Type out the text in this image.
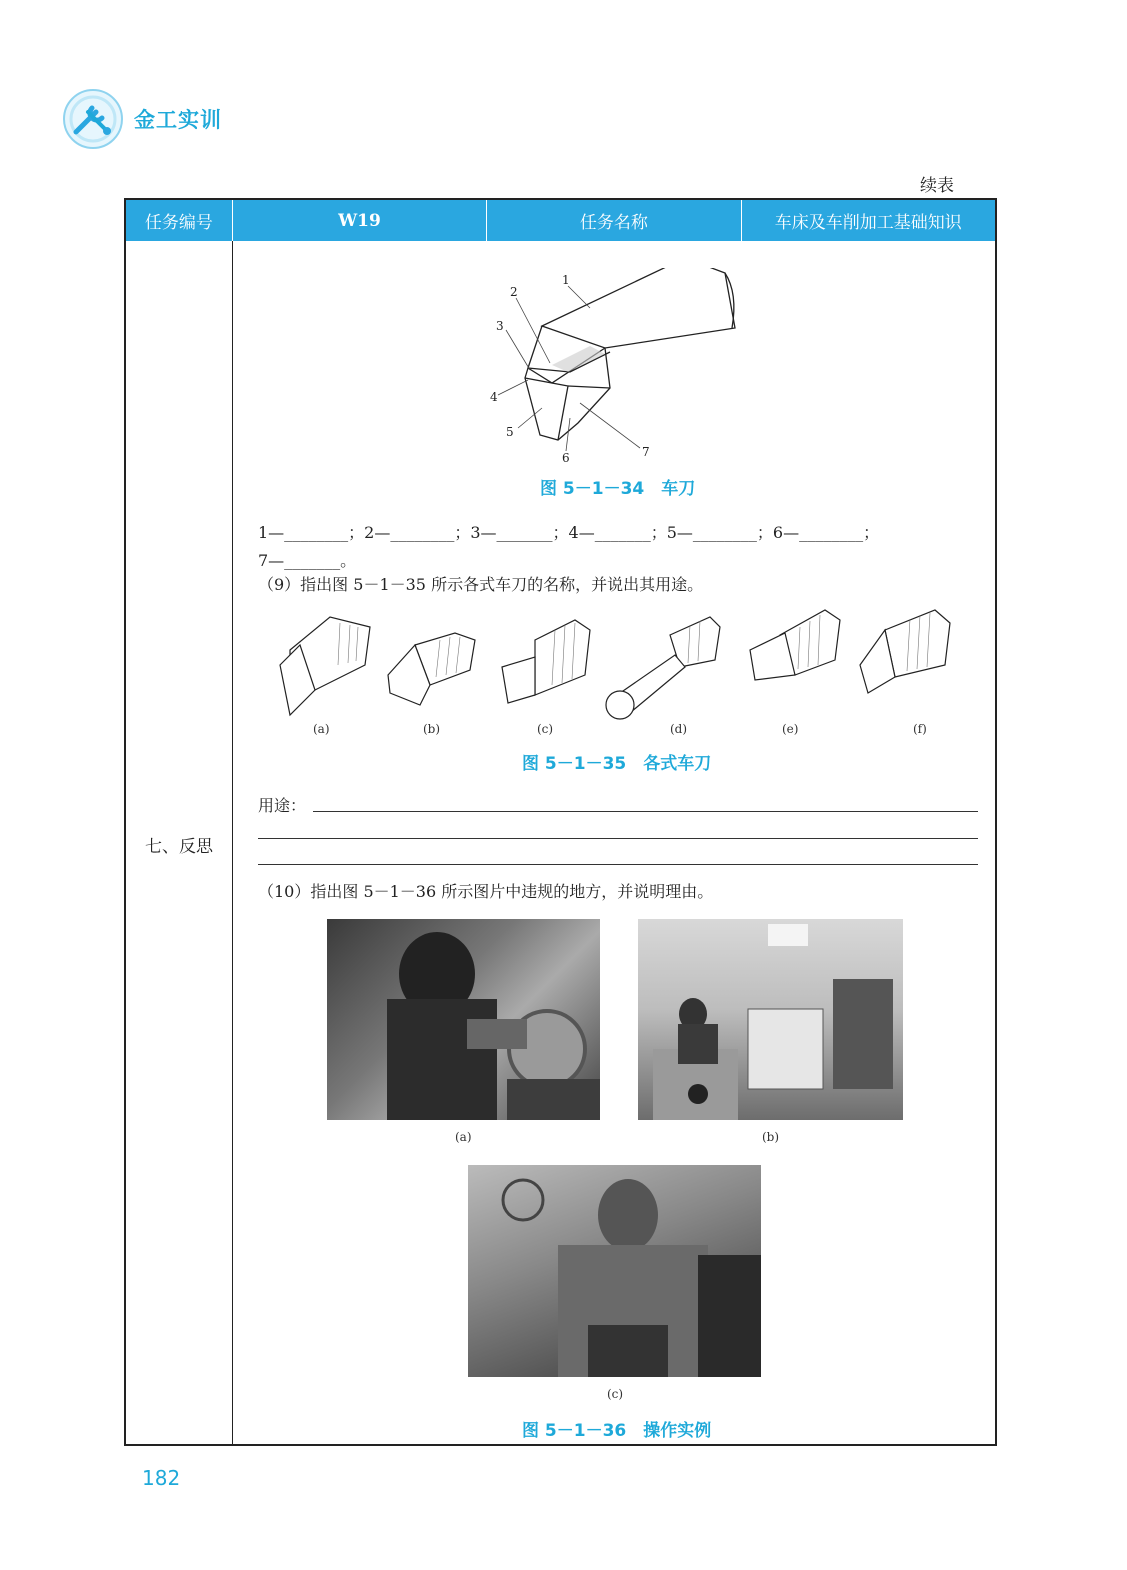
金工实训
续表
任务编号	W19	任务名称	车床及车削加工基础知识
七、反思
1
2
3
4
5
6	7
图 5－1－34　车刀
1—________；2—________；3—_______；4—_______；5—________；6—________；
7—_______。
（9）指出图 5－1－35 所示各式车刀的名称，并说出其用途。
(a)	(b)	(c)	(d)	(e)	(f)
图 5－1－35　各式车刀
用途：
（10）指出图 5－1－36 所示图片中违规的地方，并说明理由。
(a)	(b)
(c)
图 5－1－36　操作实例
182
